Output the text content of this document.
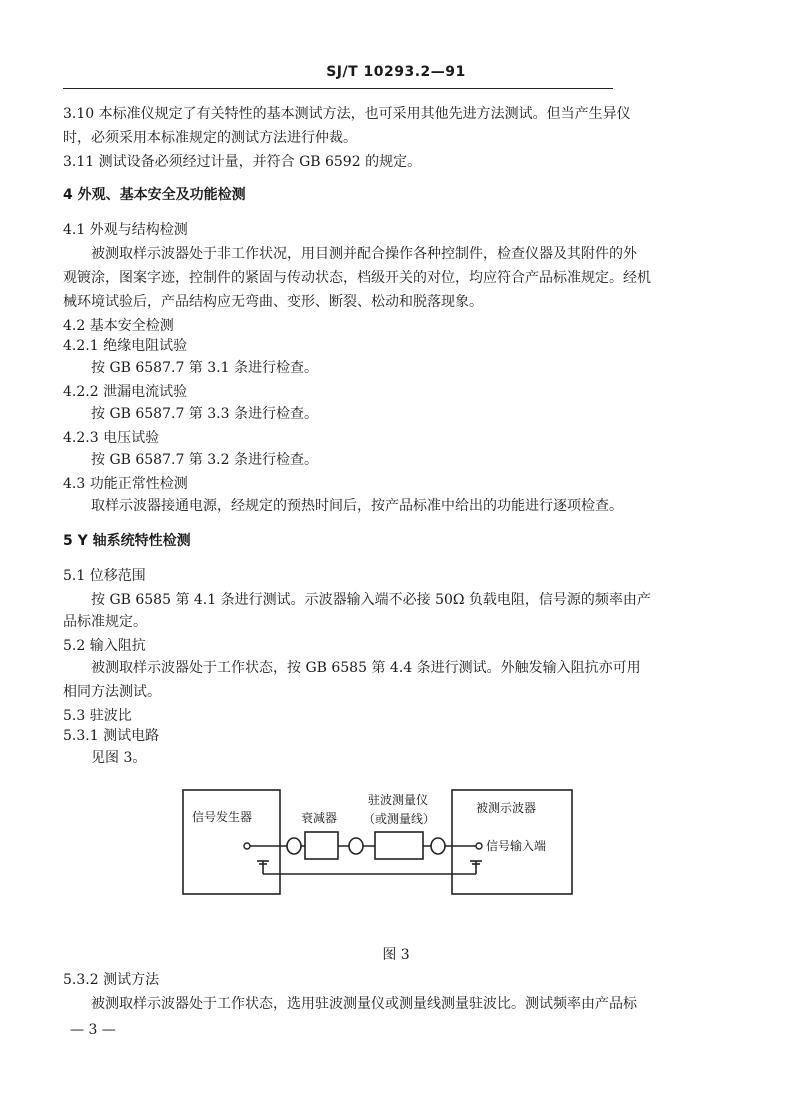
SJ/T 10293.2—91
3.10 本标准仪规定了有关特性的基本测试方法，也可采用其他先进方法测试。但当产生异仪
时，必须采用本标准规定的测试方法进行仲裁。
3.11 测试设备必须经过计量，并符合 GB 6592 的规定。
4 外观、基本安全及功能检测
4.1 外观与结构检测
被测取样示波器处于非工作状况，用目测并配合操作各种控制件，检查仪器及其附件的外
观镀涂，图案字迹，控制件的紧固与传动状态，档级开关的对位，均应符合产品标准规定。经机
械环境试验后，产品结构应无弯曲、变形、断裂、松动和脱落现象。
4.2 基本安全检测
4.2.1 绝缘电阻试验
按 GB 6587.7 第 3.1 条进行检查。
4.2.2 泄漏电流试验
按 GB 6587.7 第 3.3 条进行检查。
4.2.3 电压试验
按 GB 6587.7 第 3.2 条进行检查。
4.3 功能正常性检测
取样示波器接通电源，经规定的预热时间后，按产品标准中给出的功能进行逐项检查。
5 Y 轴系统特性检测
5.1 位移范围
按 GB 6585 第 4.1 条进行测试。示波器输入端不必接 50Ω 负载电阻，信号源的频率由产
品标准规定。
5.2 输入阻抗
被测取样示波器处于工作状态，按 GB 6585 第 4.4 条进行测试。外触发输入阻抗亦可用
相同方法测试。
5.3 驻波比
5.3.1 测试电路
见图 3。
信号发生器	衰减器
驻波测量仪
（或测量线）
被测示波器
信号输入端
图 3
5.3.2 测试方法
被测取样示波器处于工作状态，选用驻波测量仪或测量线测量驻波比。测试频率由产品标
— 3 —
